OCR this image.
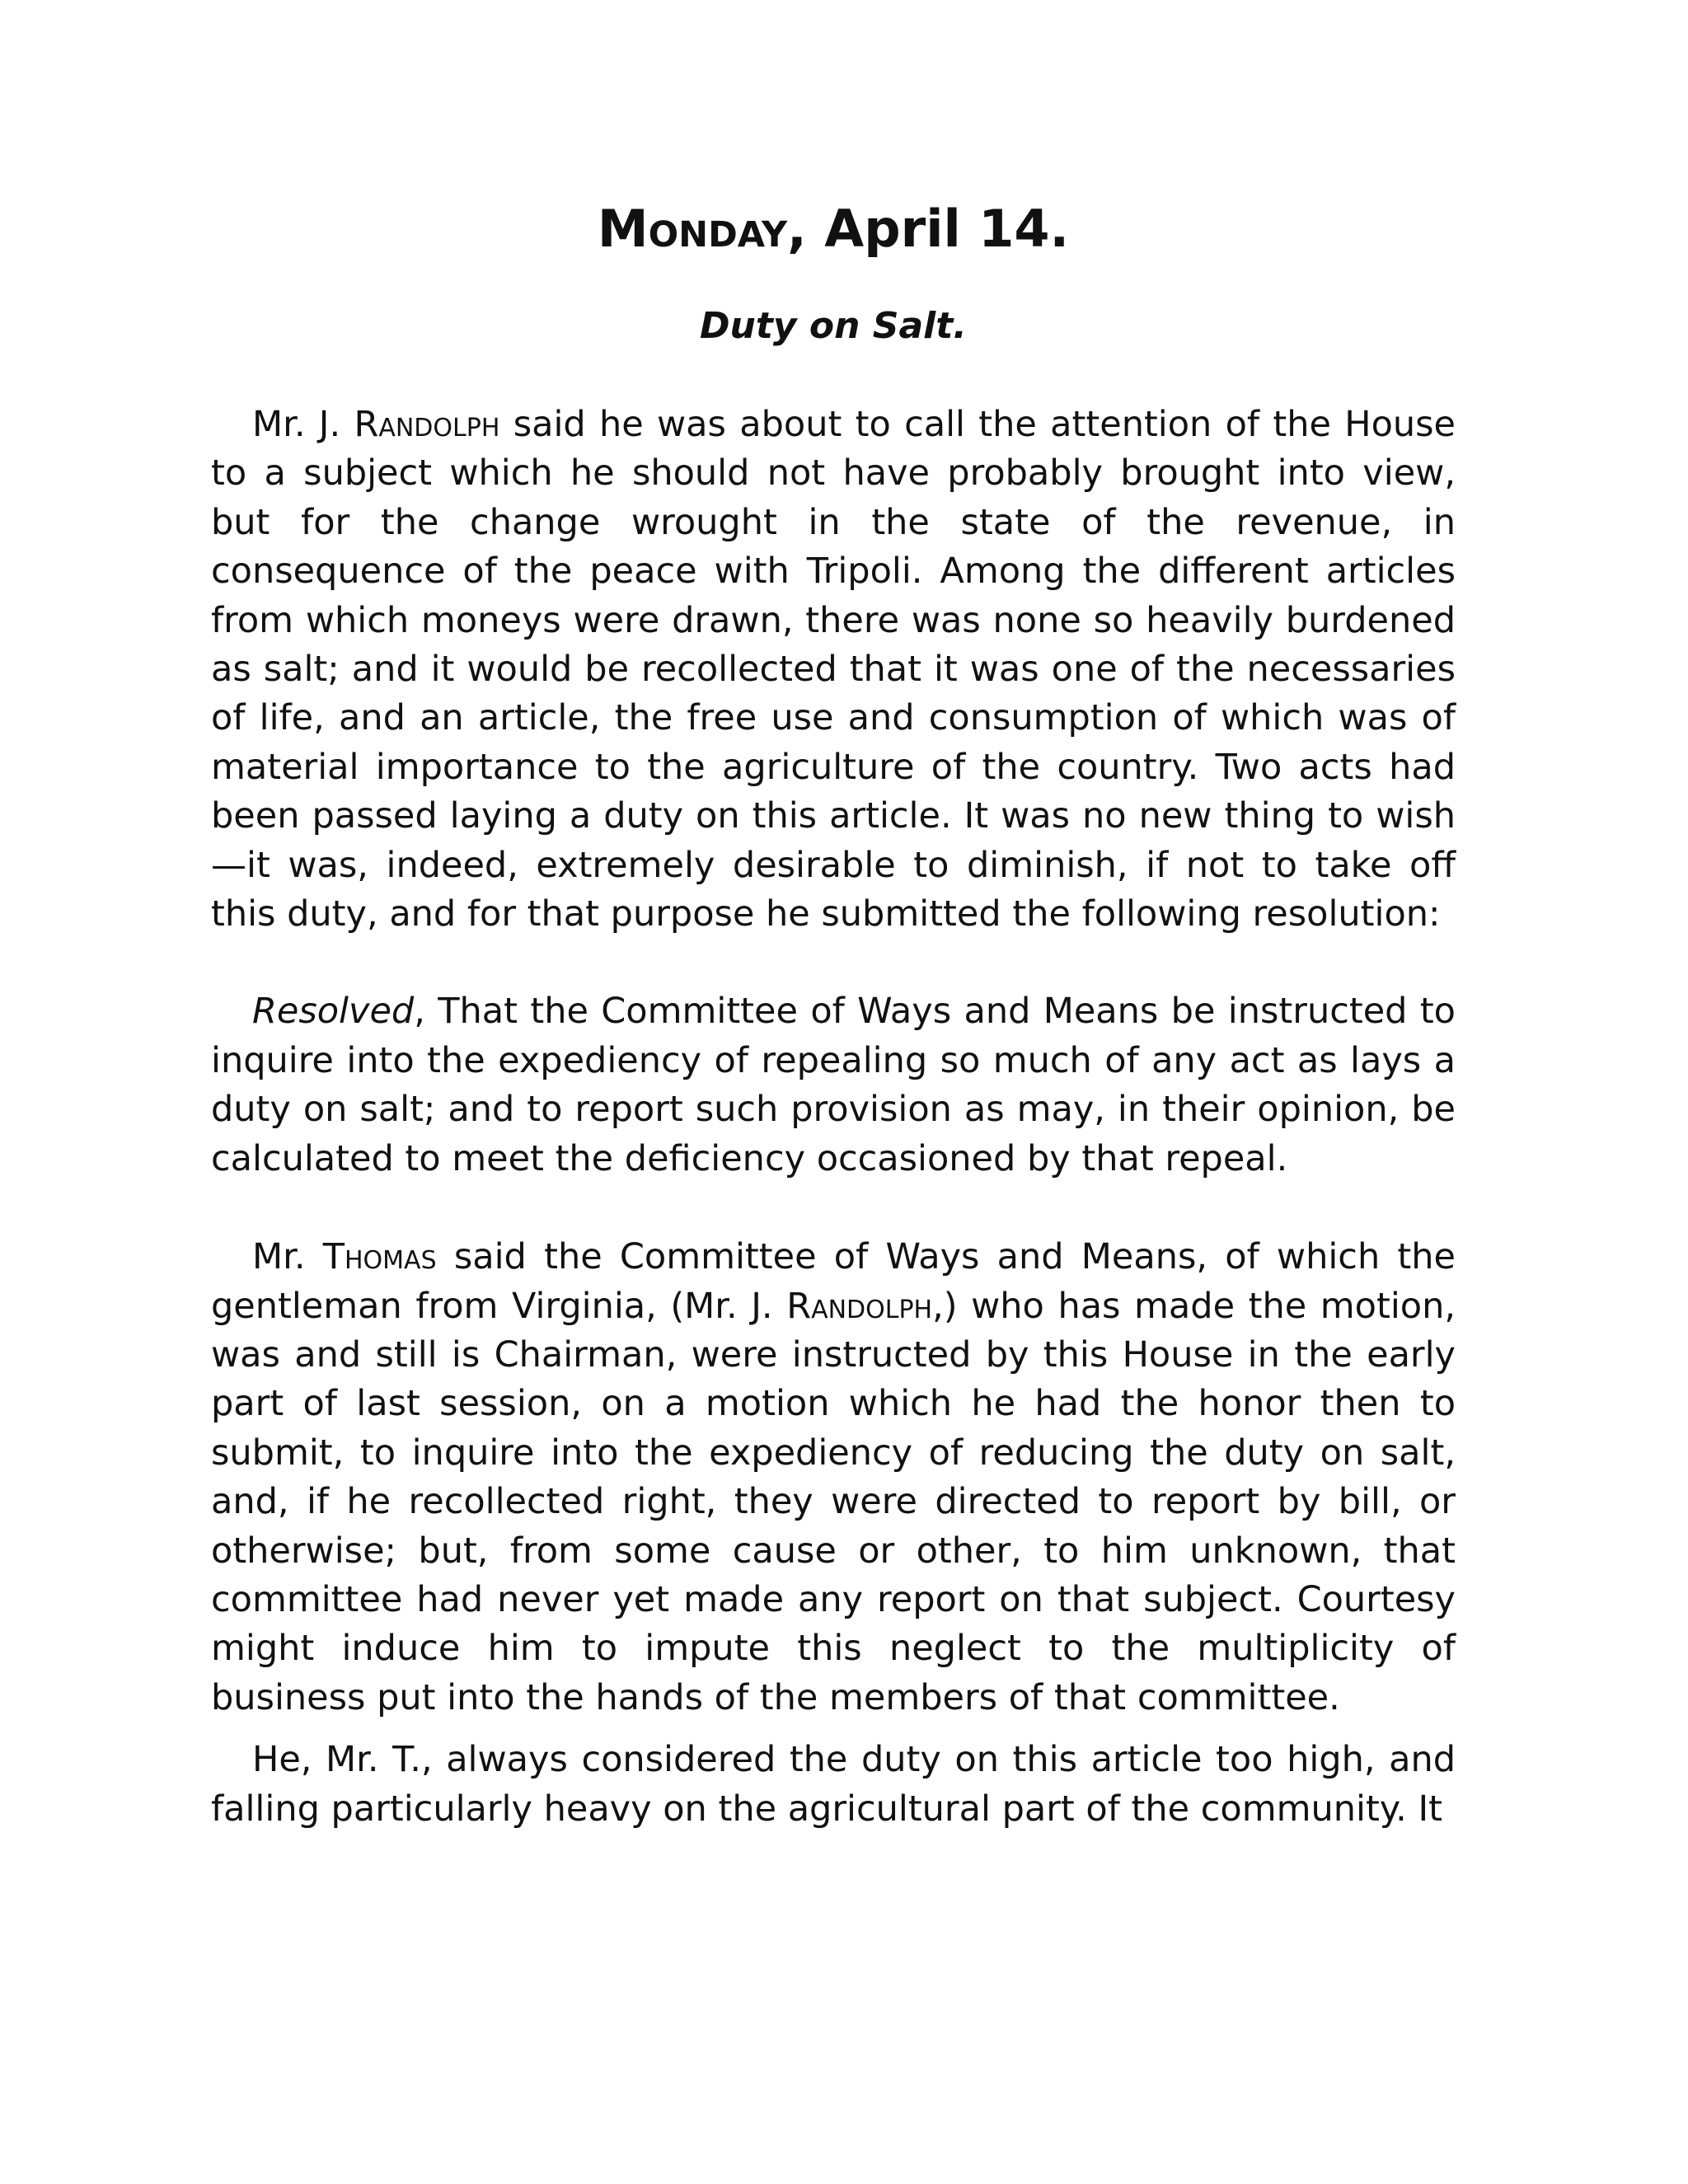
Monday, April 14.
Duty on Salt.

Mr. J. Randolph said he was about to call the attention of the House to a subject which he should not have probably brought into view, but for the change wrought in the state of the revenue, in consequence of the peace with Tripoli. Among the different articles from which moneys were drawn, there was none so heavily burdened as salt; and it would be recollected that it was one of the necessaries of life, and an article, the free use and consumption of which was of material importance to the agriculture of the country. Two acts had been passed laying a duty on this article. It was no new thing to wish—it was, indeed, extremely desirable to diminish, if not to take off this duty, and for that purpose he submitted the following resolution:

Resolved, That the Committee of Ways and Means be instructed to inquire into the expediency of repealing so much of any act as lays a duty on salt; and to report such provision as may, in their opinion, be calculated to meet the deficiency occasioned by that repeal.

Mr. Thomas said the Committee of Ways and Means, of which the gentleman from Virginia, (Mr. J. Randolph,) who has made the motion, was and still is Chairman, were instructed by this House in the early part of last session, on a motion which he had the honor then to submit, to inquire into the expediency of reducing the duty on salt, and, if he recollected right, they were directed to report by bill, or otherwise; but, from some cause or other, to him unknown, that committee had never yet made any report on that subject. Courtesy might induce him to impute this neglect to the multiplicity of business put into the hands of the members of that committee.

He, Mr. T., always considered the duty on this article too high, and falling particularly heavy on the agricultural part of the community. It
